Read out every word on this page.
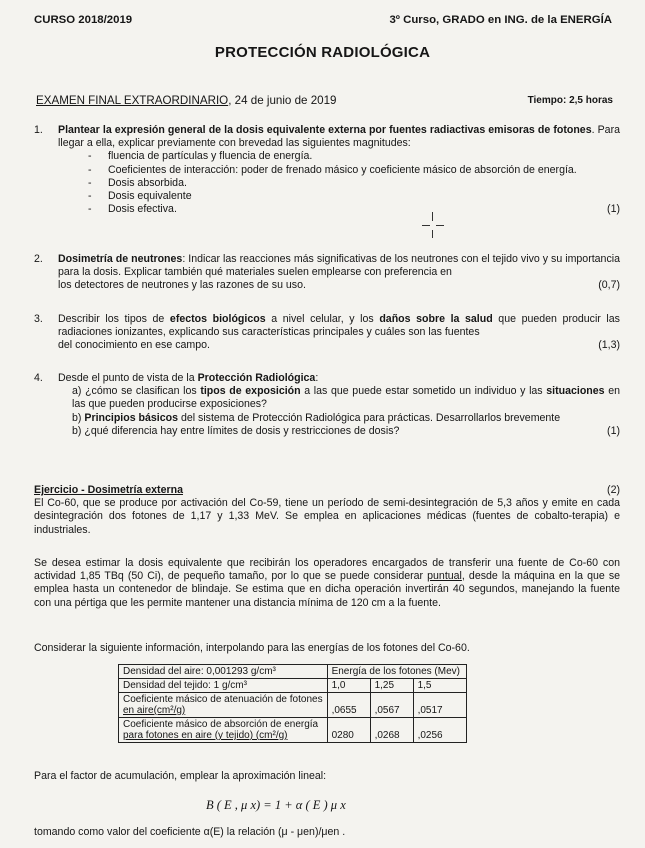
CURSO 2018/2019	3º Curso, GRADO en ING. de la ENERGÍA
PROTECCIÓN RADIOLÓGICA
EXAMEN FINAL EXTRAORDINARIO, 24 de junio de 2019	Tiempo: 2,5 horas
1. Plantear la expresión general de la dosis equivalente externa por fuentes radiactivas emisoras de fotones. Para llegar a ella, explicar previamente con brevedad las siguientes magnitudes:
- fluencia de partículas y fluencia de energía.
- Coeficientes de interacción: poder de frenado másico y coeficiente másico de absorción de energía.
- Dosis absorbida.
- Dosis equivalente
- Dosis efectiva.	(1)
2. Dosimetría de neutrones: Indicar las reacciones más significativas de los neutrones con el tejido vivo y su importancia para la dosis. Explicar también qué materiales suelen emplearse con preferencia en
los detectores de neutrones y las razones de su uso.	(0,7)
3. Describir los tipos de efectos biológicos a nivel celular, y los daños sobre la salud que pueden producir las radiaciones ionizantes, explicando sus características principales y cuáles son las fuentes
del conocimiento en ese campo.	(1,3)
4. Desde el punto de vista de la Protección Radiológica:
a) ¿cómo se clasifican los tipos de exposición a las que puede estar sometido un individuo y las situaciones en las que pueden producirse exposiciones?
b) Principios básicos del sistema de Protección Radiológica para prácticas. Desarrollarlos brevemente
b) ¿qué diferencia hay entre límites de dosis y restricciones de dosis?	(1)
Ejercicio - Dosimetría externa	(2)
El Co-60, que se produce por activación del Co-59, tiene un período de semi-desintegración de 5,3 años y emite en cada desintegración dos fotones de 1,17 y 1,33 MeV. Se emplea en aplicaciones médicas (fuentes de cobalto-terapia) e industriales.
Se desea estimar la dosis equivalente que recibirán los operadores encargados de transferir una fuente de Co-60 con actividad 1,85 TBq (50 Ci), de pequeño tamaño, por lo que se puede considerar puntual, desde la máquina en la que se emplea hasta un contenedor de blindaje. Se estima que en dicha operación invertirán 40 segundos, manejando la fuente con una pértiga que les permite mantener una distancia mínima de 120 cm a la fuente.
Considerar la siguiente información, interpolando para las energías de los fotones del Co-60.
Densidad del aire: 0,001293 g/cm³	Energía de los fotones (Mev)		
Densidad del tejido: 1 g/cm³	1,0	1,25	1,5

Coeficiente másico de atenuación de fotones
en aire(cm²/g)	,0655	,0567	,0517

Coeficiente másico de absorción de energía
para fotones en aire (y tejido) (cm²/g)	0280	,0268	,0256
Para el factor de acumulación, emplear la aproximación lineal:
B ( E , μ x) = 1 + α ( E ) μ x
tomando como valor del coeficiente α(E) la relación (μ - μen)/μen .
